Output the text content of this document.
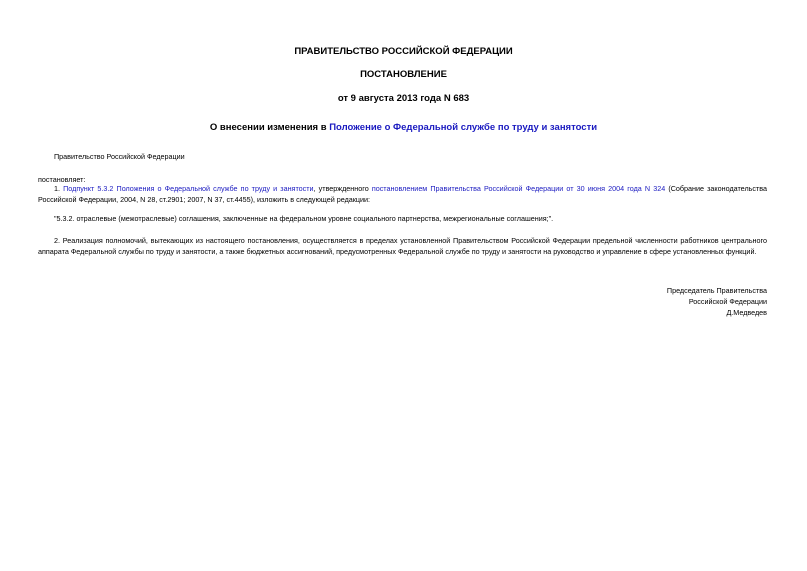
ПРАВИТЕЛЬСТВО РОССИЙСКОЙ ФЕДЕРАЦИИ
ПОСТАНОВЛЕНИЕ
от 9 августа 2013 года N 683
О внесении изменения в Положение о Федеральной службе по труду и занятости
Правительство Российской Федерации
постановляет:
1. Подпункт 5.3.2 Положения о Федеральной службе по труду и занятости, утвержденного постановлением Правительства Российской Федерации от 30 июня 2004 года N 324 (Собрание законодательства Российской Федерации, 2004, N 28, ст.2901; 2007, N 37, ст.4455), изложить в следующей редакции:
"5.3.2. отраслевые (межотраслевые) соглашения, заключенные на федеральном уровне социального партнерства, межрегиональные соглашения;".
2. Реализация полномочий, вытекающих из настоящего постановления, осуществляется в пределах установленной Правительством Российской Федерации предельной численности работников центрального аппарата Федеральной службы по труду и занятости, а также бюджетных ассигнований, предусмотренных Федеральной службе по труду и занятости на руководство и управление в сфере установленных функций.
Председатель Правительства
Российской Федерации
Д.Медведев
